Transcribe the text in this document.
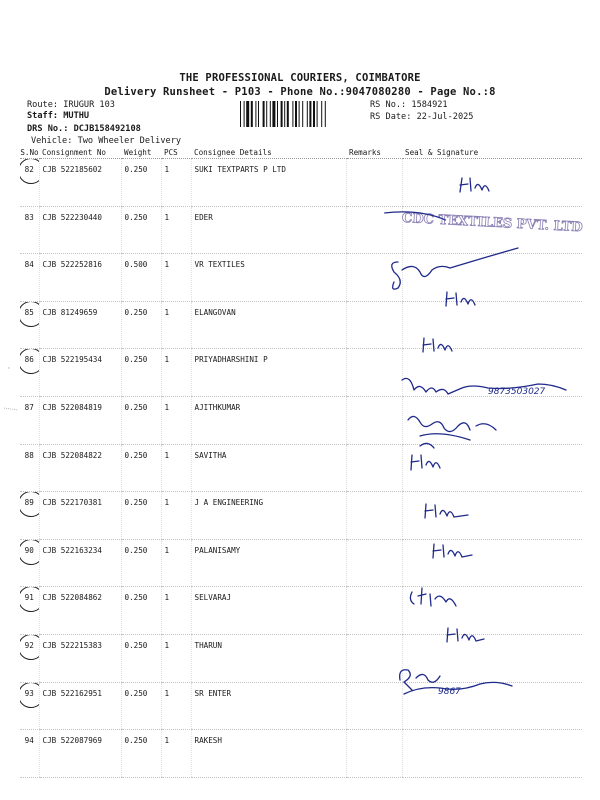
THE PROFESSIONAL COURIERS, COIMBATORE
Delivery Runsheet - P103 - Phone No.:9047080280 - Page No.:8
Route: IRUGUR 103
Staff: MUTHU
DRS No.: DCJB158492108
Vehicle: Two Wheeler Delivery
RS No.: 1584921
RS Date: 22-Jul-2025
S.No	Consignment No	Weight	PCS	Consignee Details	Remarks	Seal & Signature
82	CJB 522185602	0.250	1	SUKI TEXTPARTS P LTD		
83	CJB 522230440	0.250	1	EDER		
84	CJB 522252816	0.500	1	VR TEXTILES		
85	CJB 81249659	0.250	1	ELANGOVAN		
86	CJB 522195434	0.250	1	PRIYADHARSHINI P		
87	CJB 522084819	0.250	1	AJITHKUMAR		
88	CJB 522084822	0.250	1	SAVITHA		
89	CJB 522170381	0.250	1	J A ENGINEERING		
90	CJB 522163234	0.250	1	PALANISAMY		
91	CJB 522084862	0.250	1	SELVARAJ		
92	CJB 522215383	0.250	1	THARUN		
93	CJB 522162951	0.250	1	SR ENTER		
94	CJB 522087969	0.250	1	RAKESH		
9873503027
9867
CDC TEXTILES PVT. LTD
'
